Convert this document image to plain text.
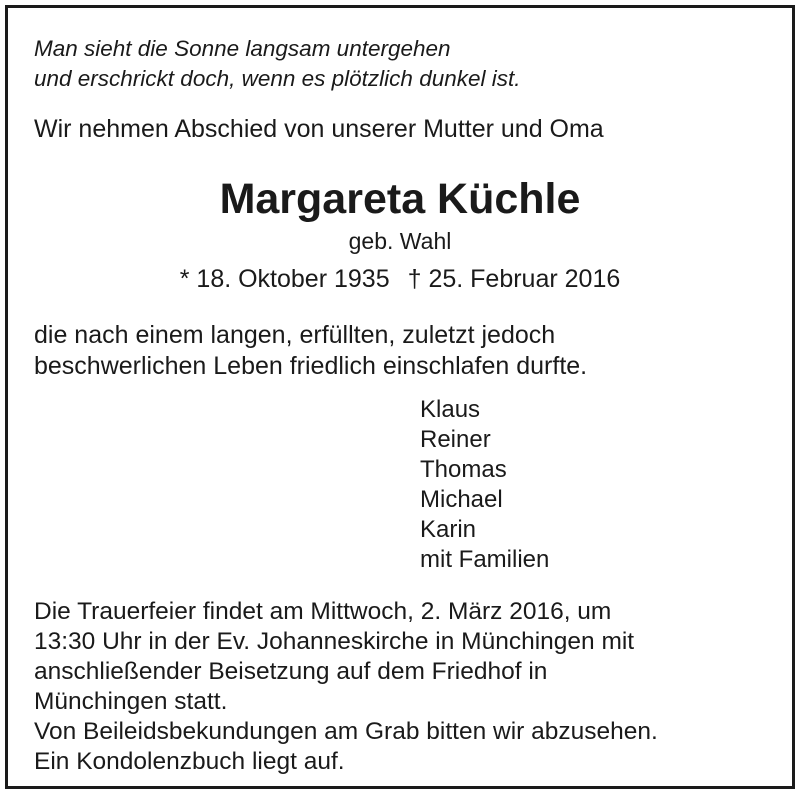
Man sieht die Sonne langsam untergehen
und erschrickt doch, wenn es plötzlich dunkel ist.
Wir nehmen Abschied von unserer Mutter und Oma
Margareta Küchle
geb. Wahl
* 18. Oktober 1935 † 25. Februar 2016
die nach einem langen, erfüllten, zuletzt jedoch
beschwerlichen Leben friedlich einschlafen durfte.
Klaus
Reiner
Thomas
Michael
Karin
mit Familien
Die Trauerfeier findet am Mittwoch, 2. März 2016, um
13:30 Uhr in der Ev. Johanneskirche in Münchingen mit
anschließender Beisetzung auf dem Friedhof in
Münchingen statt.
Von Beileidsbekundungen am Grab bitten wir abzusehen.
Ein Kondolenzbuch liegt auf.
